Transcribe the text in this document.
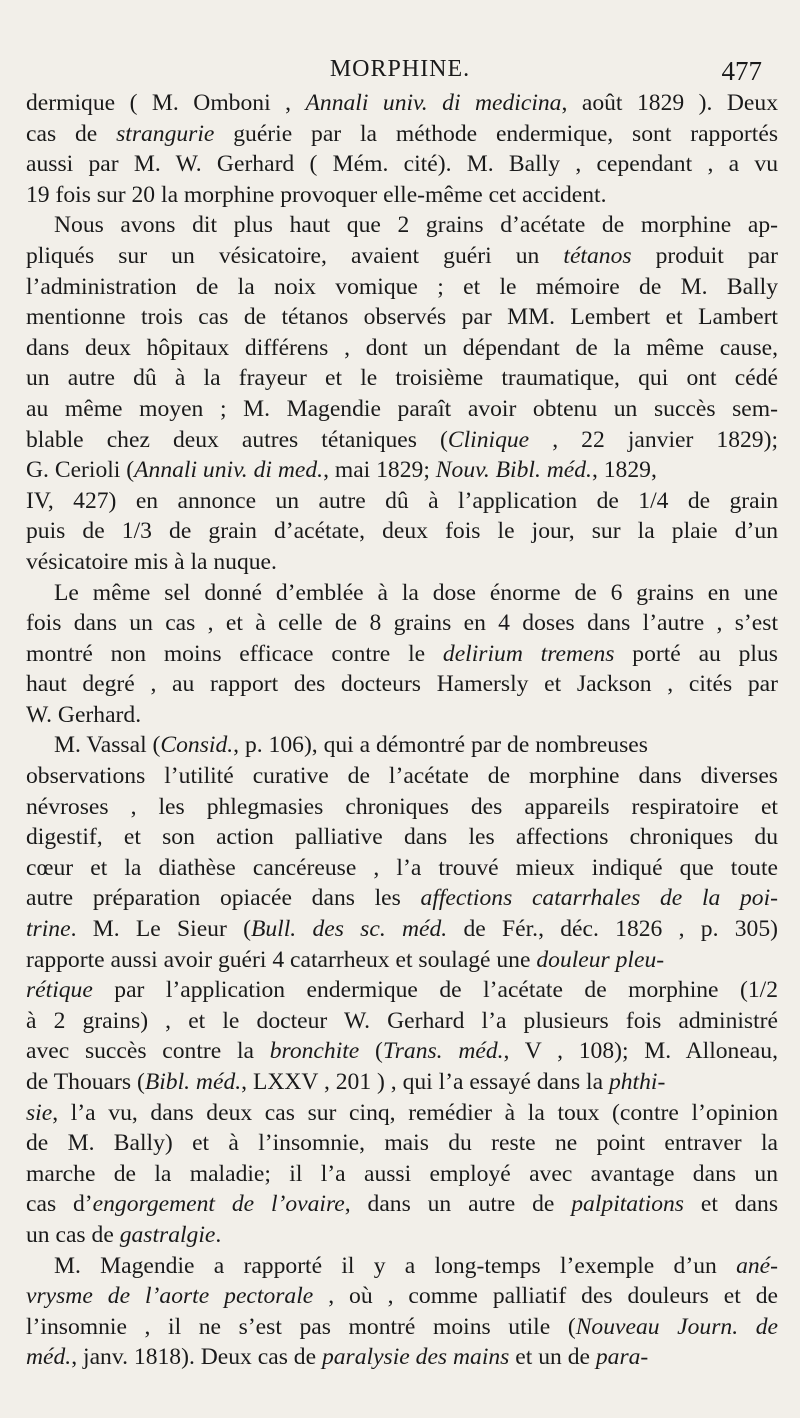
MORPHINE.	477

dermique ( M. Omboni , Annali univ. di medicina, août 1829 ). Deux
cas de strangurie guérie par la méthode endermique, sont rapportés
aussi par M. W. Gerhard ( Mém. cité). M. Bally , cependant , a vu
19 fois sur 20 la morphine provoquer elle-même cet accident.

Nous avons dit plus haut que 2 grains d’acétate de morphine ap-
pliqués sur un vésicatoire, avaient guéri un tétanos produit par
l’administration de la noix vomique ; et le mémoire de M. Bally
mentionne trois cas de tétanos observés par MM. Lembert et Lambert
dans deux hôpitaux différens , dont un dépendant de la même cause,
un autre dû à la frayeur et le troisième traumatique, qui ont cédé
au même moyen ; M. Magendie paraît avoir obtenu un succès sem-
blable chez deux autres tétaniques (Clinique , 22 janvier 1829);
G. Cerioli (Annali univ. di med., mai 1829; Nouv. Bibl. méd., 1829,
IV, 427) en annonce un autre dû à l’application de 1/4 de grain
puis de 1/3 de grain d’acétate, deux fois le jour, sur la plaie d’un
vésicatoire mis à la nuque.

Le même sel donné d’emblée à la dose énorme de 6 grains en une
fois dans un cas , et à celle de 8 grains en 4 doses dans l’autre , s’est
montré non moins efficace contre le delirium tremens porté au plus
haut degré , au rapport des docteurs Hamersly et Jackson , cités par
W. Gerhard.

M. Vassal (Consid., p. 106), qui a démontré par de nombreuses
observations l’utilité curative de l’acétate de morphine dans diverses
névroses , les phlegmasies chroniques des appareils respiratoire et
digestif, et son action palliative dans les affections chroniques du
cœur et la diathèse cancéreuse , l’a trouvé mieux indiqué que toute
autre préparation opiacée dans les affections catarrhales de la poi-
trine. M. Le Sieur (Bull. des sc. méd. de Fér., déc. 1826 , p. 305)
rapporte aussi avoir guéri 4 catarrheux et soulagé une douleur pleu-
rétique par l’application endermique de l’acétate de morphine (1/2
à 2 grains) , et le docteur W. Gerhard l’a plusieurs fois administré
avec succès contre la bronchite (Trans. méd., V , 108); M. Alloneau,
de Thouars (Bibl. méd., LXXV , 201 ) , qui l’a essayé dans la phthi-
sie, l’a vu, dans deux cas sur cinq, remédier à la toux (contre l’opinion
de M. Bally) et à l’insomnie, mais du reste ne point entraver la
marche de la maladie; il l’a aussi employé avec avantage dans un
cas d’engorgement de l’ovaire, dans un autre de palpitations et dans
un cas de gastralgie.

M. Magendie a rapporté il y a long-temps l’exemple d’un ané-
vrysme de l’aorte pectorale , où , comme palliatif des douleurs et de
l’insomnie , il ne s’est pas montré moins utile (Nouveau Journ. de
méd., janv. 1818). Deux cas de paralysie des mains et un de para-
